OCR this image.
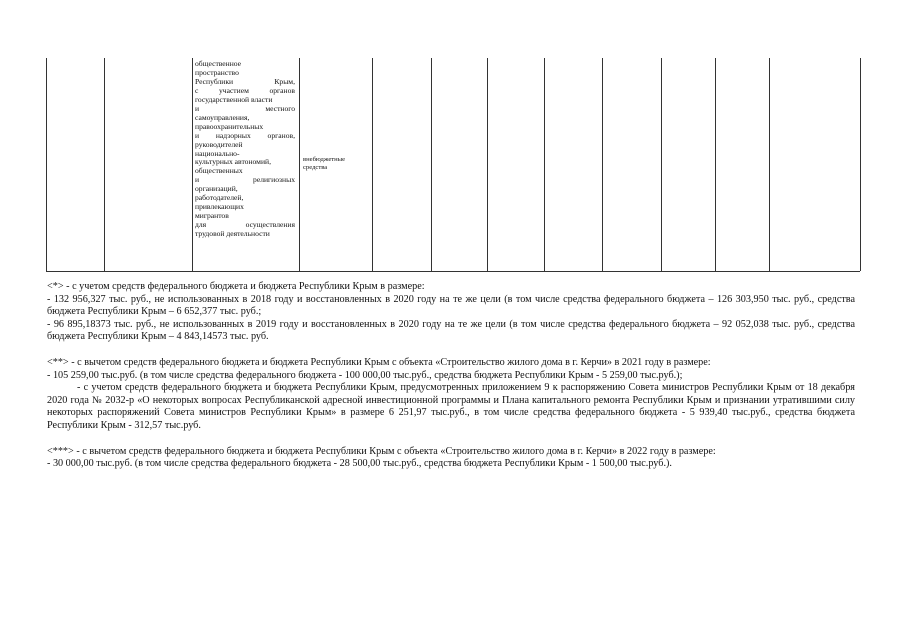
общественное
пространство
Республики	Крым,
с	участием	органов
государственной власти
и	местного
самоуправления,
правоохранительных
и надзорных органов,
руководителей
национально-
культурных автономий,
общественных
и	религиозных
организаций,
работодателей,
привлекающих
мигрантов
для	осуществления
трудовой деятельности
внебюджетные средства

<*> - с учетом средств федерального бюджета и бюджета Республики Крым в размере:

- 132 956,327 тыс. руб., не использованных в 2018 году и восстановленных в 2020 году на те же цели (в том числе средства федерального бюджета – 126 303,950 тыс. руб., средства бюджета Республики Крым – 6 652,377 тыс. руб.;

- 96 895,18373 тыс. руб., не использованных в 2019 году и восстановленных в 2020 году на те же цели (в том числе средства федерального бюджета – 92 052,038 тыс. руб., средства бюджета Республики Крым – 4 843,14573 тыс. руб.

<**> - с вычетом средств федерального бюджета и бюджета Республики Крым с объекта «Строительство жилого дома в г. Керчи» в 2021 году в размере:

- 105 259,00 тыс.руб. (в том числе средства федерального бюджета - 100 000,00 тыс.руб., средства бюджета Республики Крым - 5 259,00 тыс.руб.);

- с учетом средств федерального бюджета и бюджета Республики Крым, предусмотренных приложением 9 к распоряжению Совета министров Республики Крым от 18 декабря 2020 года № 2032-р «О некоторых вопросах Республиканской адресной инвестиционной программы и Плана капитального ремонта Республики Крым и признании утратившими силу некоторых распоряжений Совета министров Республики Крым» в размере 6 251,97 тыс.руб., в том числе средства федерального бюджета - 5 939,40 тыс.руб., средства бюджета Республики Крым - 312,57 тыс.руб.

<***> - с вычетом средств федерального бюджета и бюджета Республики Крым с объекта «Строительство жилого дома в г. Керчи» в 2022 году в размере:

- 30 000,00 тыс.руб. (в том числе средства федерального бюджета - 28 500,00 тыс.руб., средства бюджета Республики Крым - 1 500,00 тыс.руб.).
